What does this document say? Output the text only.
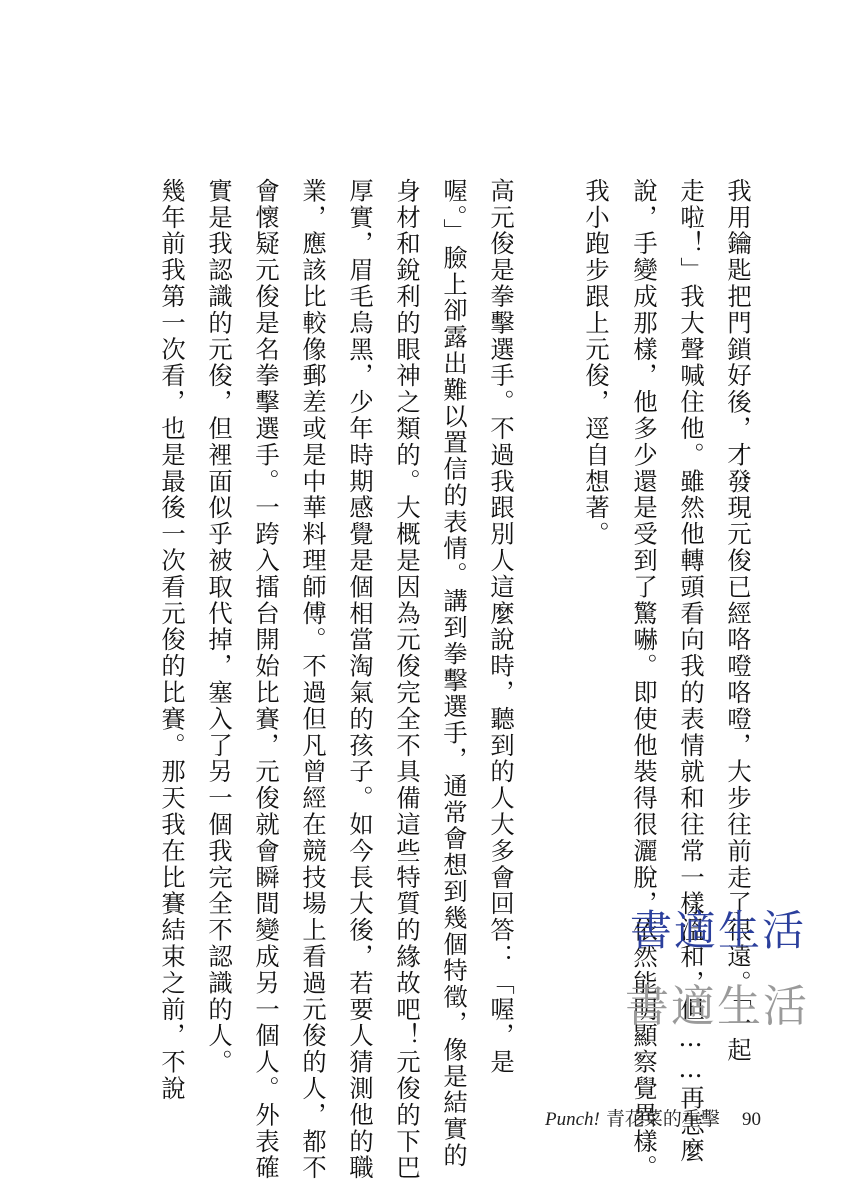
我用鑰匙把門鎖好後，才發現元俊已經咯噔咯噔，大步往前走了很遠。「一起
走啦！」我大聲喊住他。雖然他轉頭看向我的表情就和往常一樣溫和，但……再怎麼
說，手變成那樣，他多少還是受到了驚嚇。即使他裝得很灑脫，依然能明顯察覺異樣。
我小跑步跟上元俊，逕自想著。
高元俊是拳擊選手。不過我跟別人這麼說時，聽到的人大多會回答：「喔，是
喔。」臉上卻露出難以置信的表情。講到拳擊選手，通常會想到幾個特徵，像是結實的
身材和銳利的眼神之類的。大概是因為元俊完全不具備這些特質的緣故吧！元俊的下巴
厚實，眉毛烏黑，少年時期感覺是個相當淘氣的孩子。如今長大後，若要人猜測他的職
業，應該比較像郵差或是中華料理師傅。不過但凡曾經在競技場上看過元俊的人，都不
會懷疑元俊是名拳擊選手。一跨入擂台開始比賽，元俊就會瞬間變成另一個人。外表確
實是我認識的元俊，但裡面似乎被取代掉，塞入了另一個我完全不認識的人。
幾年前我第一次看，也是最後一次看元俊的比賽。那天我在比賽結束之前，不說	書適生活
書適生活
Punch! 青花菜的重擊 90
